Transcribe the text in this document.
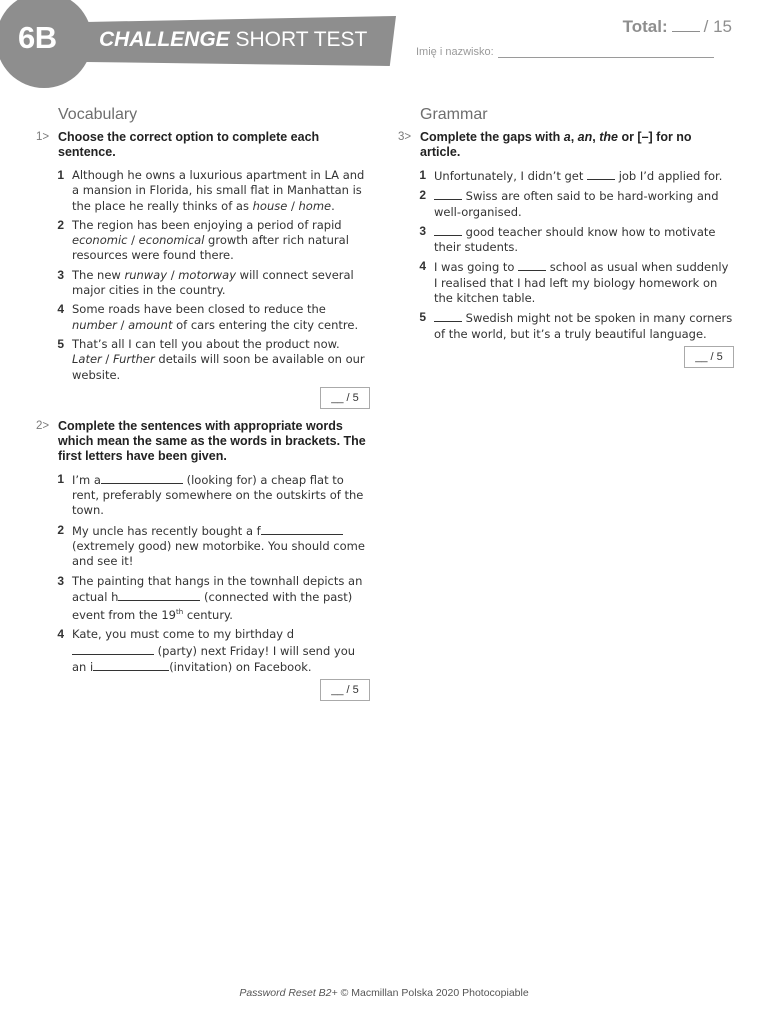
6B CHALLENGE SHORT TEST
Total: / 15
Imię i nazwisko:
Vocabulary
1> Choose the correct option to complete each sentence.
1 Although he owns a luxurious apartment in LA and a mansion in Florida, his small flat in Manhattan is the place he really thinks of as house / home.
2 The region has been enjoying a period of rapid economic / economical growth after rich natural resources were found there.
3 The new runway / motorway will connect several major cities in the country.
4 Some roads have been closed to reduce the number / amount of cars entering the city centre.
5 That’s all I can tell you about the product now. Later / Further details will soon be available on our website.
__ / 5
2> Complete the sentences with appropriate words which mean the same as the words in brackets. The first letters have been given.
1 I’m a	(looking for) a cheap flat to rent, preferably somewhere on the outskirts of the town.
2 My uncle has recently bought a f (extremely good) new motorbike. You should come and see it!
3 The painting that hangs in the townhall depicts an actual h	(connected with the past) event from the 19th century.
4 Kate, you must come to my birthday d (party) next Friday! I will send you an i	(invitation) on Facebook.
__ / 5
Grammar
3> Complete the gaps with a, an, the or [–] for no article.
1 Unfortunately, I didn’t get  job I’d applied for.
2	Swiss are often said to be hard-working and well-organised.
3	good teacher should know how to motivate their students.
4 I was going to  school as usual when suddenly I realised that I had left my biology homework on the kitchen table.
5	Swedish might not be spoken in many corners of the world, but it’s a truly beautiful language.
__ / 5
Password Reset B2+ © Macmillan Polska 2020 Photocopiable
